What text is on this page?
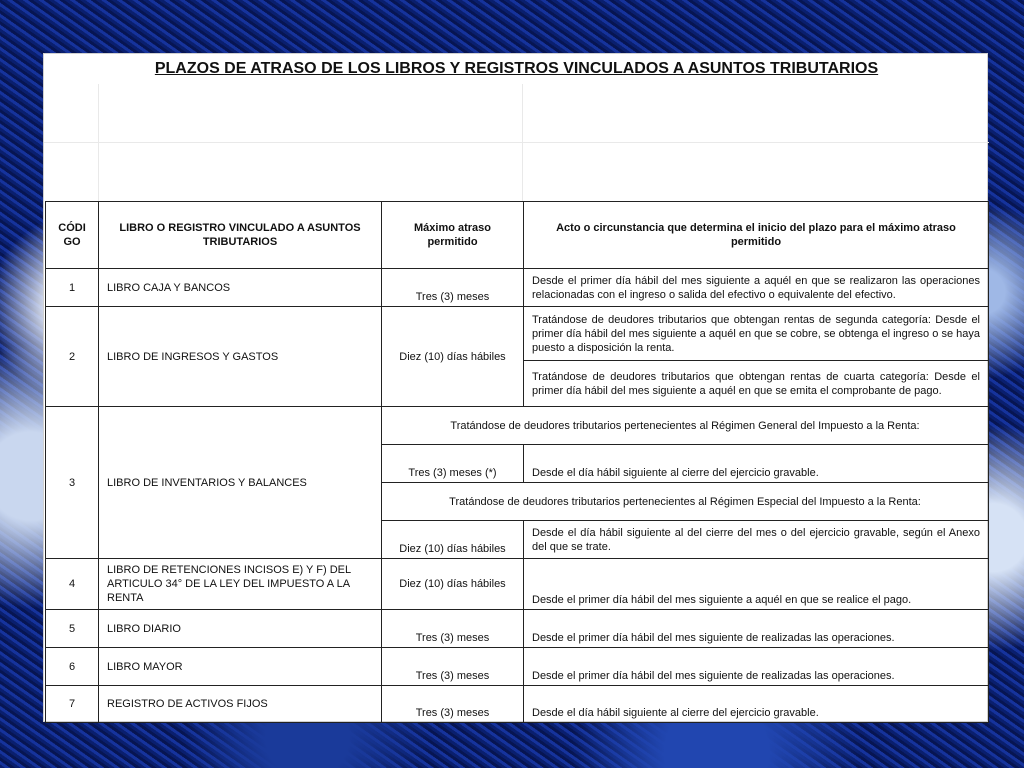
PLAZOS DE ATRASO DE LOS LIBROS Y REGISTROS VINCULADOS A ASUNTOS TRIBUTARIOS
CÓDI GO	LIBRO O REGISTRO VINCULADO A ASUNTOS TRIBUTARIOS	Máximo atraso permitido	Acto o circunstancia que determina el inicio del plazo para el máximo atraso permitido
1	LIBRO CAJA Y BANCOS	Tres (3) meses	Desde el primer día hábil del mes siguiente a aquél en que se realizaron las operaciones relacionadas con el ingreso o salida del efectivo o equivalente del efectivo.
2	LIBRO DE INGRESOS Y GASTOS	Diez (10) días hábiles	Tratándose de deudores tributarios que obtengan rentas de segunda categoría: Desde el primer día hábil del mes siguiente a aquél en que se cobre, se obtenga el ingreso o se haya puesto a disposición la renta.
			Tratándose de deudores tributarios que obtengan rentas de cuarta categoría: Desde el primer día hábil del mes siguiente a aquél en que se emita el comprobante de pago.
3	LIBRO DE INVENTARIOS Y BALANCES	Tratándose de deudores tributarios pertenecientes al Régimen General del Impuesto a la Renta:	
		Tres (3) meses (*)	Desde el día hábil siguiente al cierre del ejercicio gravable.
		Tratándose de deudores tributarios pertenecientes al Régimen Especial del Impuesto a la Renta:	
		Diez (10) días hábiles	Desde el día hábil siguiente al del cierre del mes o del ejercicio gravable, según el Anexo del que se trate.
4	LIBRO DE RETENCIONES INCISOS E) Y F) DEL ARTICULO 34° DE LA LEY DEL IMPUESTO A LA RENTA	Diez (10) días hábiles	Desde el primer día hábil del mes siguiente a aquél en que se realice el pago.
5	LIBRO DIARIO	Tres (3) meses	Desde el primer día hábil del mes siguiente de realizadas las operaciones.
6	LIBRO MAYOR	Tres (3) meses	Desde el primer día hábil del mes siguiente de realizadas las operaciones.
7	REGISTRO DE ACTIVOS FIJOS	Tres (3) meses	Desde el día hábil siguiente al cierre del ejercicio gravable.
